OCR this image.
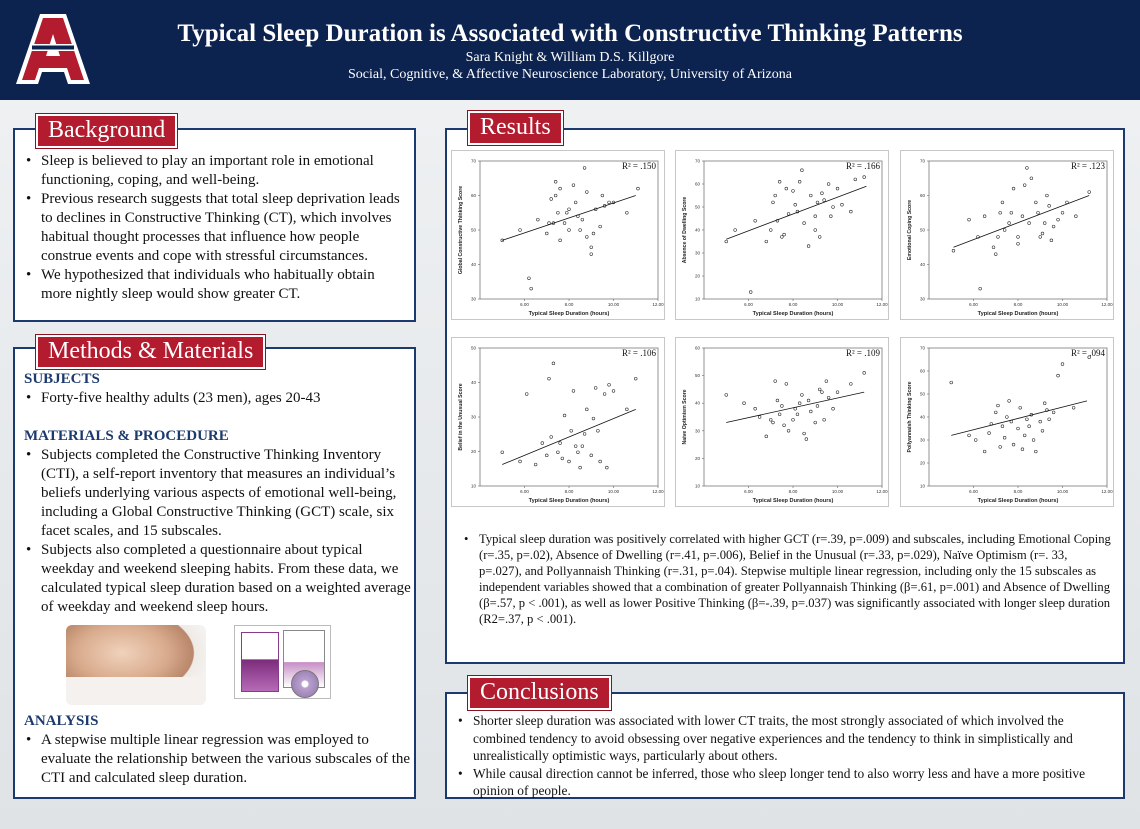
Typical Sleep Duration is Associated with Constructive Thinking Patterns
Sara Knight & William D.S. Killgore
Social, Cognitive, & Affective Neuroscience Laboratory, University of Arizona
Background
• Sleep is believed to play an important role in emotional functioning, coping, and well-being.
• Previous research suggests that total sleep deprivation leads to declines in Constructive Thinking (CT), which involves habitual thought processes that influence how people construe events and cope with stressful circumstances.
• We hypothesized that individuals who habitually obtain more nightly sleep would show greater CT.
Methods & Materials
SUBJECTS
• Forty-five healthy adults (23 men), ages 20-43
MATERIALS & PROCEDURE
• Subjects completed the Constructive Thinking Inventory (CTI), a self-report inventory that measures an individual’s beliefs underlying various aspects of emotional well-being, including a Global Constructive Thinking (GCT) scale, six facet scales, and 15 subscales.
• Subjects also completed a questionnaire about typical weekday and weekend sleeping habits. From these data, we calculated typical sleep duration based on a weighted average of weekday and weekend sleep hours.
ANALYSIS
• A stepwise multiple linear regression was employed to evaluate the relationship between the various subscales of the CTI and calculated sleep duration.
Results
30
40
50
60
70
6.00	8.00	10.00	12.00
Typical Sleep Duration (hours)
Global Constructive Thinking Score
R² = .150
10
20
30
40
50
60
70
6.00	8.00	10.00	12.00
Typical Sleep Duration (hours)
Absence of Dwelling Score
R² = .166
30
40
50
60
70
6.00	8.00	10.00	12.00
Typical Sleep Duration (hours)
Emotional Coping Score
R² = .123
10
20
30
40
50
6.00	8.00	10.00	12.00
Typical Sleep Duration (hours)
Belief in the Unusual Score
R² = .106
10
20
30
40
50
60
6.00	8.00	10.00	12.00
Typical Sleep Duration (hours)
Naive Optimism Score
R² = .109
10
20
30
40
50
60
70
6.00	8.00	10.00	12.00
Typical Sleep Duration (hours)
Pollyannaish Thinking Score
R² = .094
• Typical sleep duration was positively correlated with higher GCT (r=.39, p=.009) and subscales, including Emotional Coping (r=.35, p=.02), Absence of Dwelling (r=.41, p=.006), Belief in the Unusual (r=.33, p=.029), Naïve Optimism (r=. 33, p=.027), and Pollyannaish Thinking (r=.31, p=.04). Stepwise multiple linear regression, including only the 15 subscales as independent variables showed that a combination of greater Pollyannaish Thinking (β=.61, p=.001) and Absence of Dwelling (β=.57, p < .001), as well as lower Positive Thinking (β=-.39, p=.037) was significantly associated with longer sleep duration (R2=.37, p < .001).
Conclusions
• Shorter sleep duration was associated with lower CT traits, the most strongly associated of which involved the combined tendency to avoid obsessing over negative experiences and the tendency to think in simplistically and unrealistically optimistic ways, particularly about others.
• While causal direction cannot be inferred, those who sleep longer tend to also worry less and have a more positive opinion of people.
